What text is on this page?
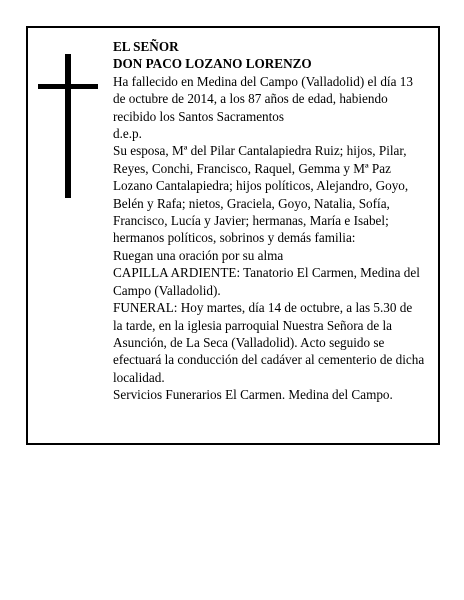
EL SEÑOR

DON PACO LOZANO LORENZO

Ha fallecido en Medina del Campo (Valladolid) el día 13 de octubre de 2014, a los 87 años de edad, habiendo recibido los Santos Sacramentos

d.e.p.

Su esposa, Mª del Pilar Cantalapiedra Ruiz; hijos, Pilar, Reyes, Conchi, Francisco, Raquel, Gemma y Mª Paz Lozano Cantalapiedra; hijos políticos, Alejandro, Goyo, Belén y Rafa; nietos, Graciela, Goyo, Natalia, Sofía, Francisco, Lucía y Javier; hermanas, María e Isabel; hermanos políticos, sobrinos y demás familia:

Ruegan una oración por su alma

CAPILLA ARDIENTE: Tanatorio El Carmen, Medina del Campo (Valladolid).

FUNERAL: Hoy martes, día 14 de octubre, a las 5.30 de la tarde, en la iglesia parroquial Nuestra Señora de la Asunción, de La Seca (Valladolid). Acto seguido se efectuará la conducción del cadáver al cementerio de dicha localidad.

Servicios Funerarios El Carmen. Medina del Campo.
